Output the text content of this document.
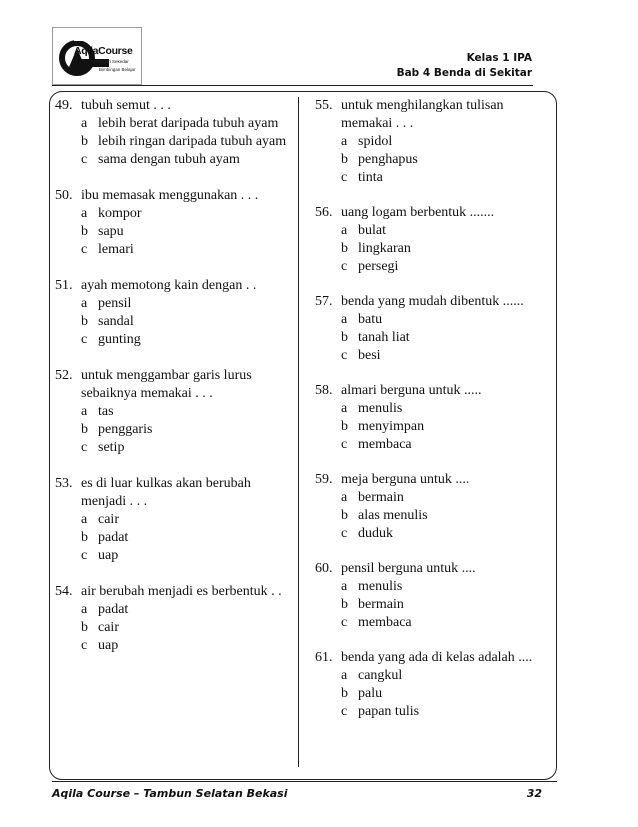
AqilaCourse
Lebih dari Sekedar
Bimbingan Belajar
Kelas 1 IPA
Bab 4 Benda di Sekitar
49. tubuh semut . . .
a lebih berat daripada tubuh ayam
b lebih ringan daripada tubuh ayam
c sama dengan tubuh ayam
50. ibu memasak menggunakan . . .
a kompor
b sapu
c lemari
51. ayah memotong kain dengan . .
a pensil
b sandal
c gunting
52. untuk menggambar garis lurus sebaiknya memakai . . .
a tas
b penggaris
c setip
53. es di luar kulkas akan berubah menjadi . . .
a cair
b padat
c uap
54. air berubah menjadi es berbentuk . .
a padat
b cair
c uap
55. untuk menghilangkan tulisan memakai . . .
a spidol
b penghapus
c tinta
56. uang logam berbentuk .......
a bulat
b lingkaran
c persegi
57. benda yang mudah dibentuk ......
a batu
b tanah liat
c besi
58. almari berguna untuk .....
a menulis
b menyimpan
c membaca
59. meja berguna untuk ....
a bermain
b alas menulis
c duduk
60. pensil berguna untuk ....
a menulis
b bermain
c membaca
61. benda yang ada di kelas adalah ....
a cangkul
b palu
c papan tulis
Aqila Course – Tambun Selatan Bekasi	32
